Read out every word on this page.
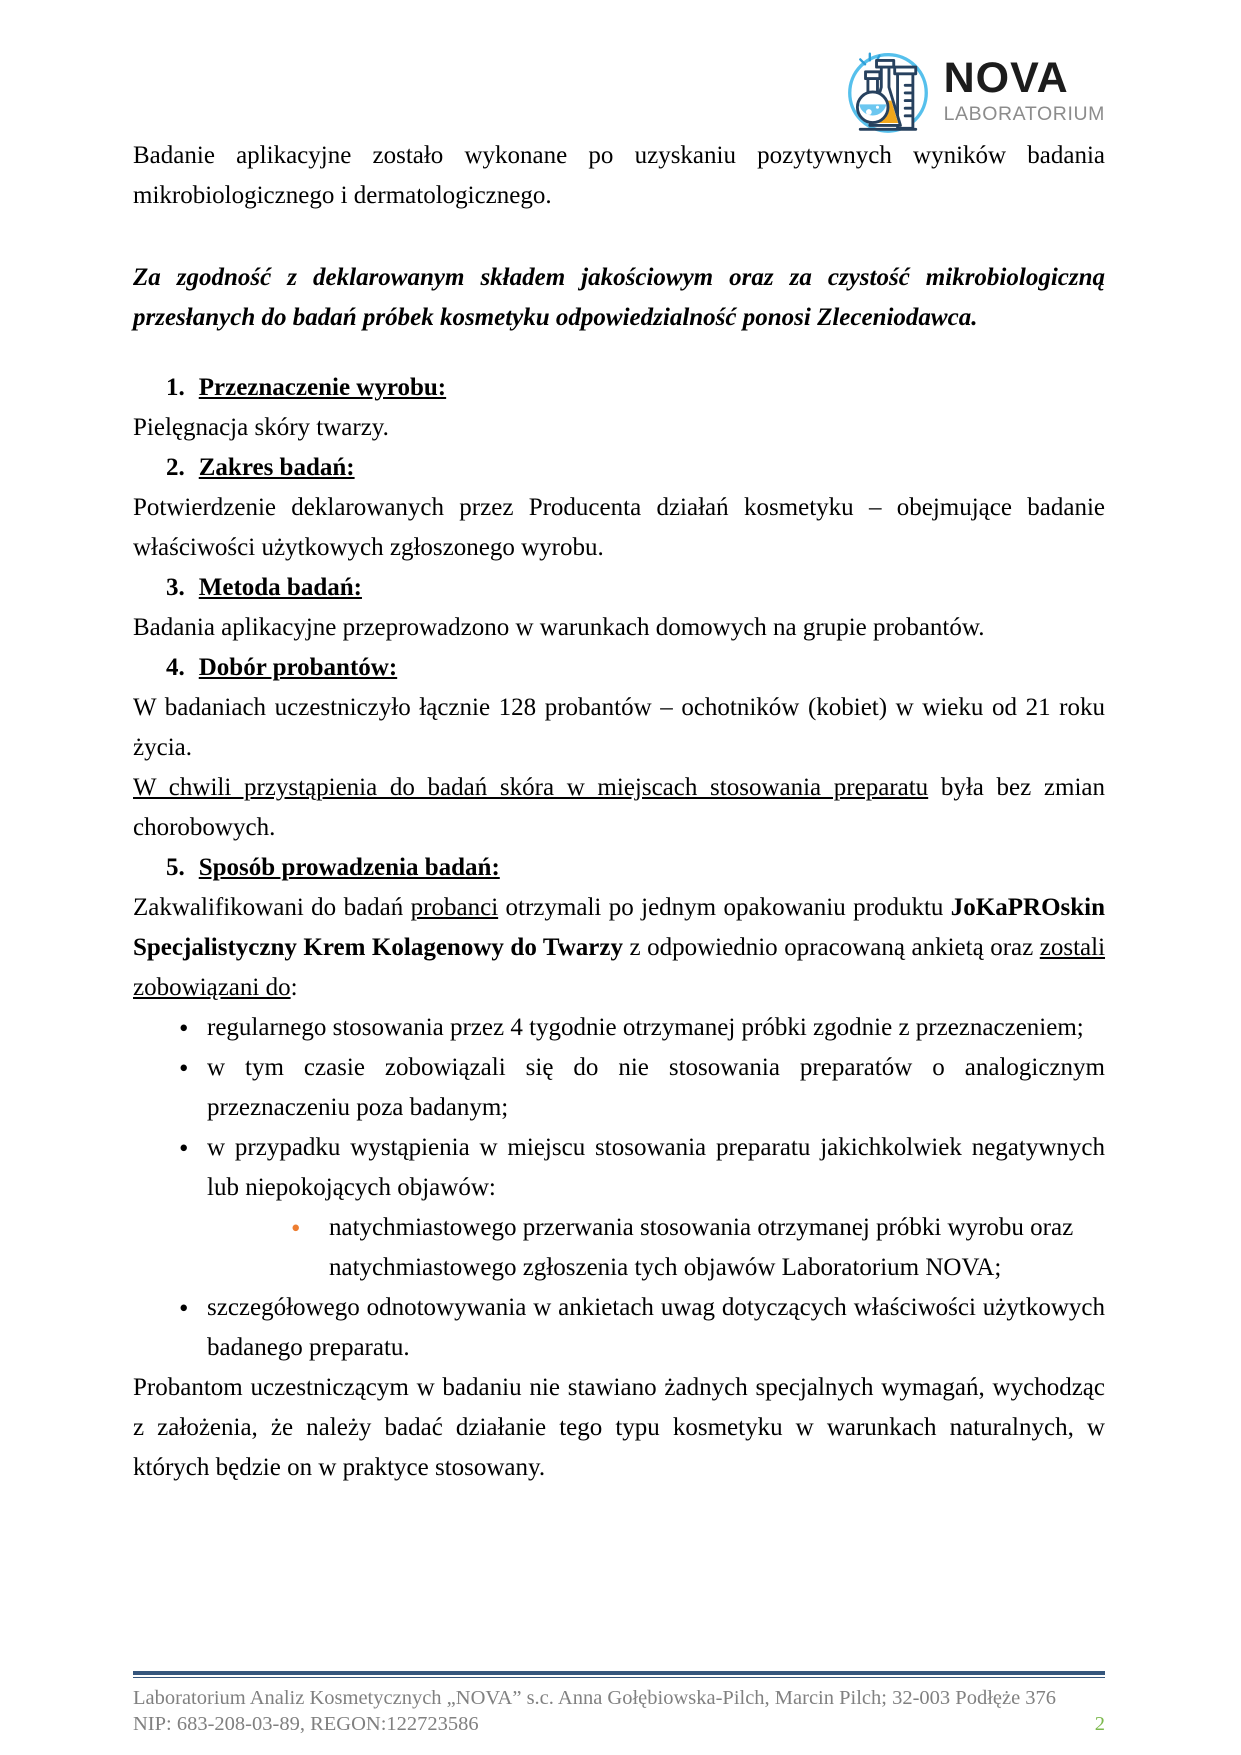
NOVA
LABORATORIUM

Badanie aplikacyjne zostało wykonane po uzyskaniu pozytywnych wyników badania mikrobiologicznego i dermatologicznego.

Za zgodność z deklarowanym składem jakościowym oraz za czystość mikrobiologiczną przesłanych do badań próbek kosmetyku odpowiedzialność ponosi Zleceniodawca.

1. Przeznaczenie wyrobu:

Pielęgnacja skóry twarzy.

2. Zakres badań:

Potwierdzenie deklarowanych przez Producenta działań kosmetyku – obejmujące badanie właściwości użytkowych zgłoszonego wyrobu.

3. Metoda badań:

Badania aplikacyjne przeprowadzono w warunkach domowych na grupie probantów.

4. Dobór probantów:

W badaniach uczestniczyło łącznie 128 probantów – ochotników (kobiet) w wieku od 21 roku życia.

W chwili przystąpienia do badań skóra w miejscach stosowania preparatu była bez zmian chorobowych.

5. Sposób prowadzenia badań:

Zakwalifikowani do badań probanci otrzymali po jednym opakowaniu produktu JoKaPROskin Specjalistyczny Krem Kolagenowy do Twarzy z odpowiednio opracowaną ankietą oraz zostali zobowiązani do:

•
regularnego stosowania przez 4 tygodnie otrzymanej próbki zgodnie z przeznaczeniem;
•
w tym czasie zobowiązali się do nie stosowania preparatów o analogicznym przeznaczeniu poza badanym;
•
w przypadku wystąpienia w miejscu stosowania preparatu jakichkolwiek negatywnych lub niepokojących objawów:
•
natychmiastowego przerwania stosowania otrzymanej próbki wyrobu oraz natychmiastowego zgłoszenia tych objawów Laboratorium NOVA;
•
szczegółowego odnotowywania w ankietach uwag dotyczących właściwości użytkowych badanego preparatu.

Probantom uczestniczącym w badaniu nie stawiano żadnych specjalnych wymagań, wychodząc z założenia, że należy badać działanie tego typu kosmetyku w warunkach naturalnych, w których będzie on w praktyce stosowany.

Laboratorium Analiz Kosmetycznych „NOVA” s.c. Anna Gołębiowska-Pilch, Marcin Pilch; 32-003 Podłęże 376
NIP: 683-208-03-89, REGON:122723586	2
